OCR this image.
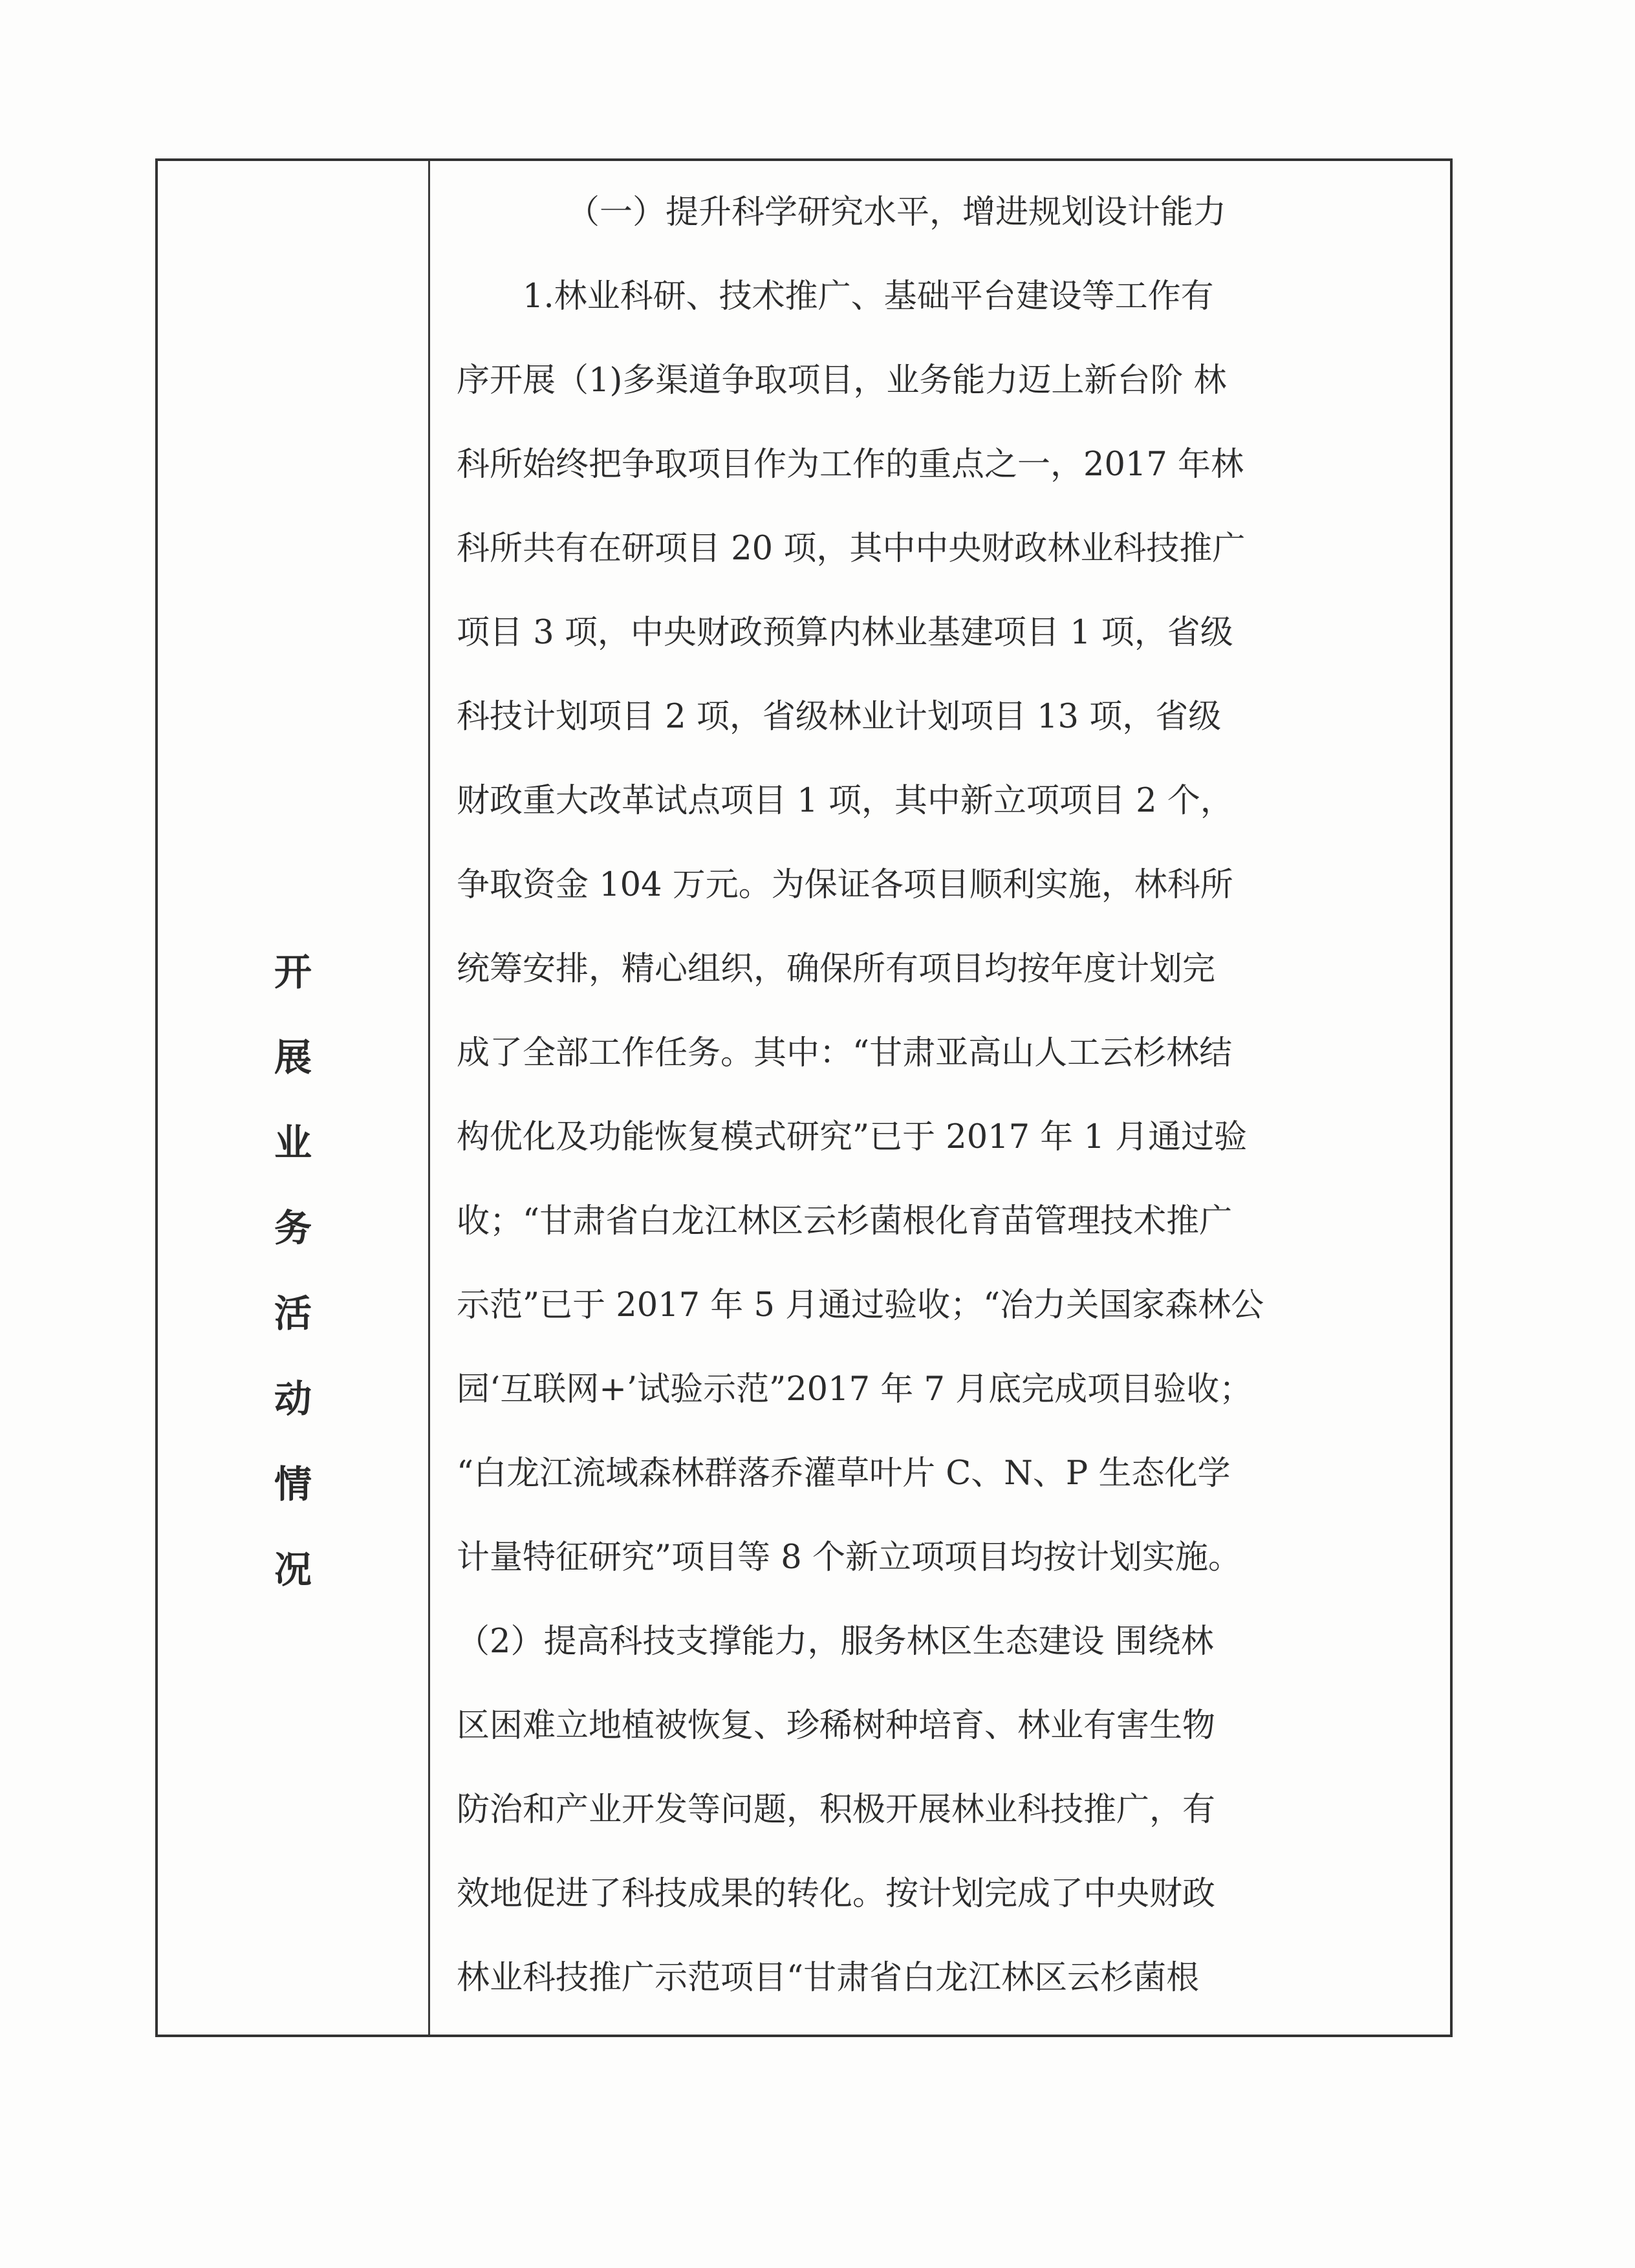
开
展
业
务
活
动
情
况
（一）提升科学研究水平，增进规划设计能力
　　1.林业科研、技术推广、基础平台建设等工作有
序开展（1)多渠道争取项目，业务能力迈上新台阶 林
科所始终把争取项目作为工作的重点之一，2017 年林
科所共有在研项目 20 项，其中中央财政林业科技推广
项目 3 项，中央财政预算内林业基建项目 1 项，省级
科技计划项目 2 项，省级林业计划项目 13 项，省级
财政重大改革试点项目 1 项，其中新立项项目 2 个，
争取资金 104 万元。为保证各项目顺利实施，林科所
统筹安排，精心组织，确保所有项目均按年度计划完
成了全部工作任务。其中：“甘肃亚高山人工云杉林结
构优化及功能恢复模式研究”已于 2017 年 1 月通过验
收；“甘肃省白龙江林区云杉菌根化育苗管理技术推广
示范”已于 2017 年 5 月通过验收；“冶力关国家森林公
园‘互联网+’试验示范”2017 年 7 月底完成项目验收；
“白龙江流域森林群落乔灌草叶片 C、N、P 生态化学
计量特征研究”项目等 8 个新立项项目均按计划实施。
（2）提高科技支撑能力，服务林区生态建设 围绕林
区困难立地植被恢复、珍稀树种培育、林业有害生物
防治和产业开发等问题，积极开展林业科技推广，有
效地促进了科技成果的转化。按计划完成了中央财政
林业科技推广示范项目“甘肃省白龙江林区云杉菌根
